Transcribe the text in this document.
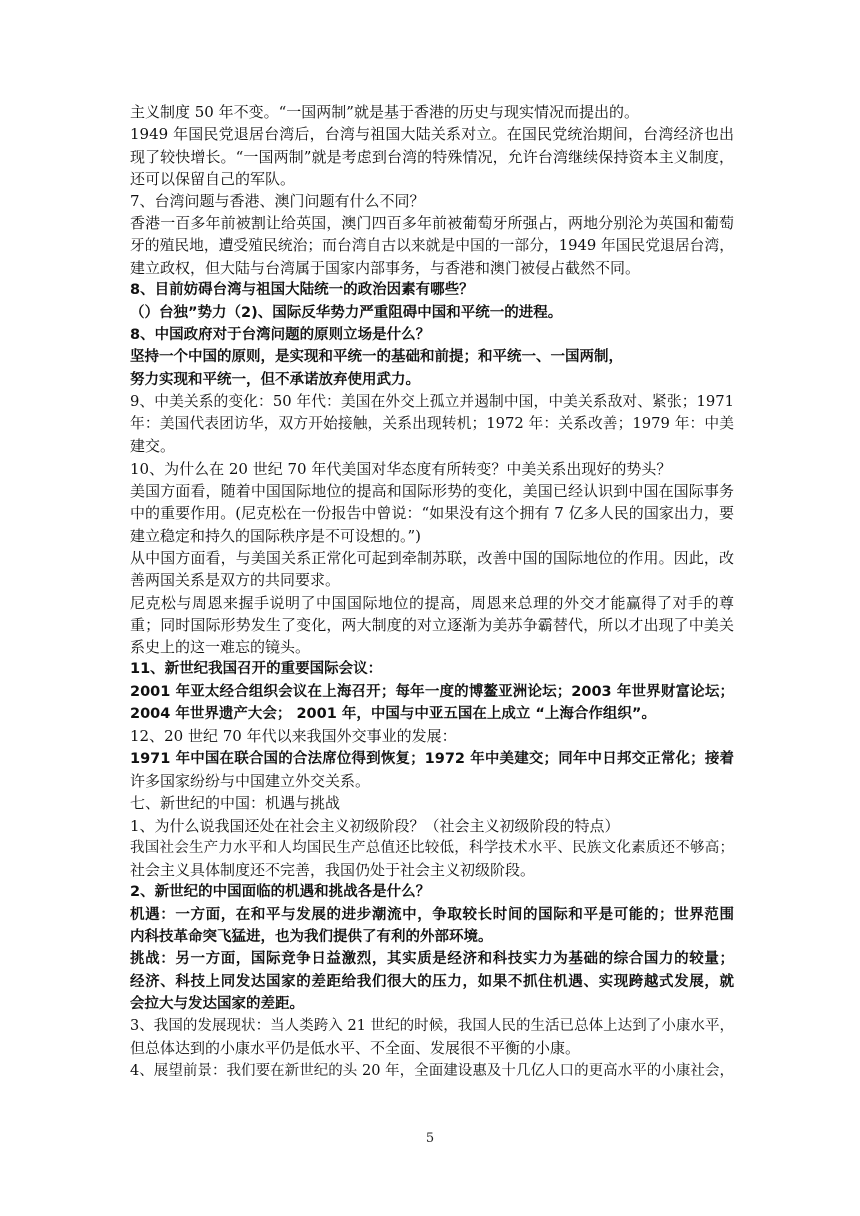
主义制度 50 年不变。“一国两制”就是基于香港的历史与现实情况而提出的。
1949 年国民党退居台湾后，台湾与祖国大陆关系对立。在国民党统治期间，台湾经济也出
现了较快增长。“一国两制”就是考虑到台湾的特殊情况，允许台湾继续保持资本主义制度，
还可以保留自己的军队。
7、台湾问题与香港、澳门问题有什么不同？
香港一百多年前被割让给英国，澳门四百多年前被葡萄牙所强占，两地分别沦为英国和葡萄
牙的殖民地，遭受殖民统治；而台湾自古以来就是中国的一部分，1949 年国民党退居台湾，
建立政权，但大陆与台湾属于国家内部事务，与香港和澳门被侵占截然不同。
8、目前妨碍台湾与祖国大陆统一的政治因素有哪些？
（）台独”势力（2)、国际反华势力严重阻碍中国和平统一的进程。
8、中国政府对于台湾问题的原则立场是什么？
坚持一个中国的原则，是实现和平统一的基础和前提；和平统一、一国两制，
努力实现和平统一，但不承诺放弃使用武力。
9、中美关系的变化：50 年代：美国在外交上孤立并遏制中国，中美关系敌对、紧张；1971
年：美国代表团访华，双方开始接触，关系出现转机；1972 年：关系改善；1979 年：中美
建交。
10、为什么在 20 世纪 70 年代美国对华态度有所转变？中美关系出现好的势头？
美国方面看，随着中国国际地位的提高和国际形势的变化，美国已经认识到中国在国际事务
中的重要作用。(尼克松在一份报告中曾说：“如果没有这个拥有 7 亿多人民的国家出力，要
建立稳定和持久的国际秩序是不可设想的。”)
从中国方面看，与美国关系正常化可起到牵制苏联，改善中国的国际地位的作用。因此，改
善两国关系是双方的共同要求。
尼克松与周恩来握手说明了中国国际地位的提高，周恩来总理的外交才能赢得了对手的尊
重；同时国际形势发生了变化，两大制度的对立逐渐为美苏争霸替代，所以才出现了中美关
系史上的这一难忘的镜头。
11、新世纪我国召开的重要国际会议：
2001 年亚太经合组织会议在上海召开；每年一度的博鳌亚洲论坛；2003 年世界财富论坛；
2004 年世界遗产大会； 2001 年，中国与中亚五国在上成立 “上海合作组织”。
12、20 世纪 70 年代以来我国外交事业的发展：
1971 年中国在联合国的合法席位得到恢复；1972 年中美建交；同年中日邦交正常化；接着
许多国家纷纷与中国建立外交关系。
七、新世纪的中国：机遇与挑战
1、为什么说我国还处在社会主义初级阶段？（社会主义初级阶段的特点）
我国社会生产力水平和人均国民生产总值还比较低，科学技术水平、民族文化素质还不够高；
社会主义具体制度还不完善，我国仍处于社会主义初级阶段。
2、新世纪的中国面临的机遇和挑战各是什么？
机遇：一方面，在和平与发展的进步潮流中，争取较长时间的国际和平是可能的；世界范围
内科技革命突飞猛进，也为我们提供了有利的外部环境。
挑战：另一方面，国际竞争日益激烈，其实质是经济和科技实力为基础的综合国力的较量；
经济、科技上同发达国家的差距给我们很大的压力，如果不抓住机遇、实现跨越式发展，就
会拉大与发达国家的差距。
3、我国的发展现状：当人类跨入 21 世纪的时候，我国人民的生活已总体上达到了小康水平，
但总体达到的小康水平仍是低水平、不全面、发展很不平衡的小康。
4、展望前景：我们要在新世纪的头 20 年，全面建设惠及十几亿人口的更高水平的小康社会，
5
